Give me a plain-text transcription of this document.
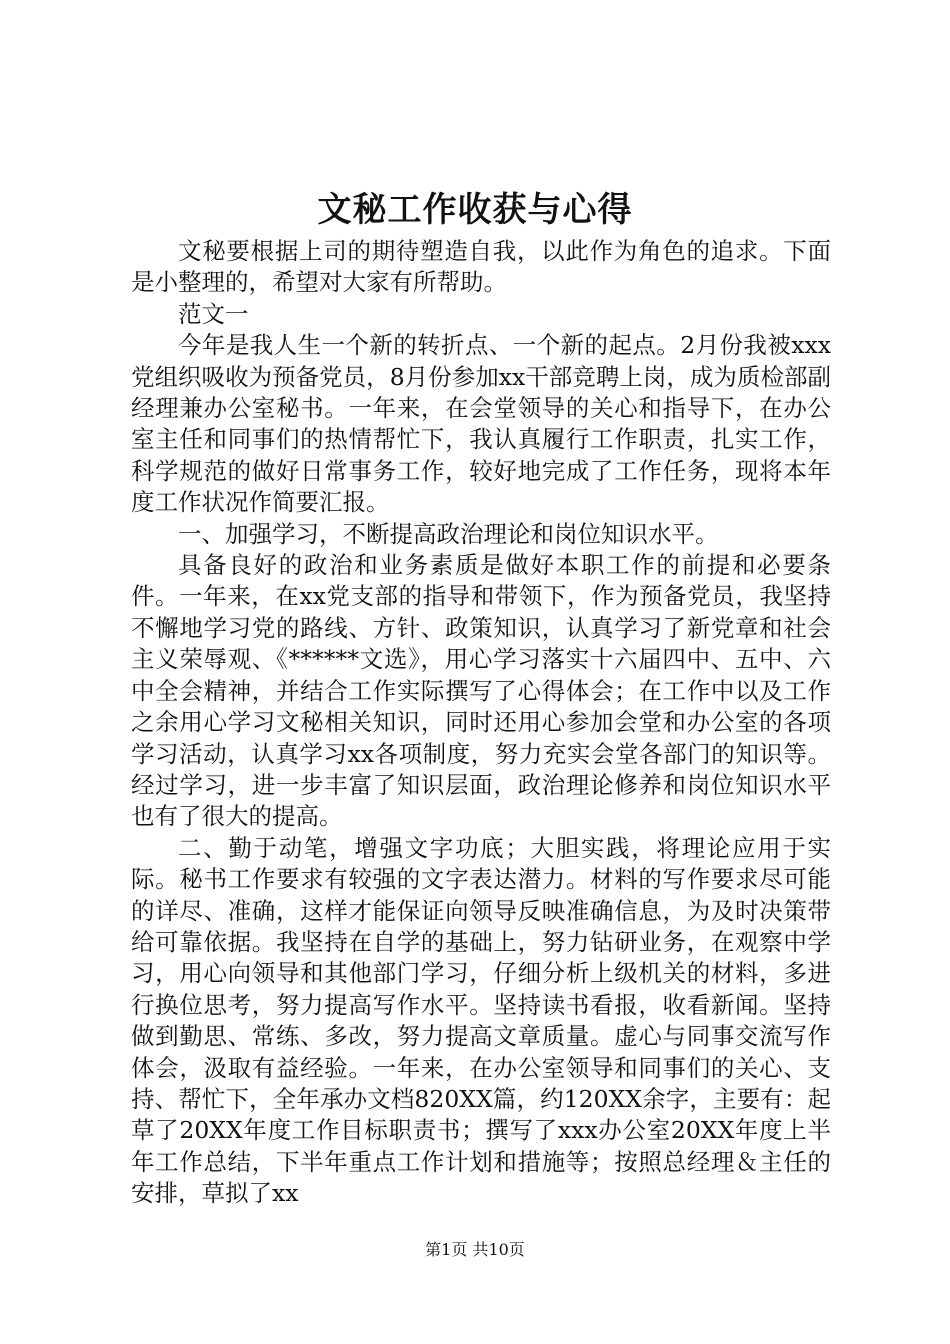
文秘工作收获与心得

文秘要根据上司的期待塑造自我，以此作为角色的追求。下面是小整理的，希望对大家有所帮助。

范文一

今年是我人生一个新的转折点、一个新的起点。2月份我被xxx党组织吸收为预备党员，8月份参加xx干部竞聘上岗，成为质检部副经理兼办公室秘书。一年来，在会堂领导的关心和指导下，在办公室主任和同事们的热情帮忙下，我认真履行工作职责，扎实工作，科学规范的做好日常事务工作，较好地完成了工作任务，现将本年度工作状况作简要汇报。

一、加强学习，不断提高政治理论和岗位知识水平。

具备良好的政治和业务素质是做好本职工作的前提和必要条件。一年来，在xx党支部的指导和带领下，作为预备党员，我坚持不懈地学习党的路线、方针、政策知识，认真学习了新党章和社会主义荣辱观、《******文选》，用心学习落实十六届四中、五中、六中全会精神，并结合工作实际撰写了心得体会；在工作中以及工作之余用心学习文秘相关知识，同时还用心参加会堂和办公室的各项学习活动，认真学习xx各项制度，努力充实会堂各部门的知识等。经过学习，进一步丰富了知识层面，政治理论修养和岗位知识水平也有了很大的提高。

二、勤于动笔，增强文字功底；大胆实践，将理论应用于实际。秘书工作要求有较强的文字表达潜力。材料的写作要求尽可能的详尽、准确，这样才能保证向领导反映准确信息，为及时决策带给可靠依据。我坚持在自学的基础上，努力钻研业务，在观察中学习，用心向领导和其他部门学习，仔细分析上级机关的材料，多进行换位思考，努力提高写作水平。坚持读书看报，收看新闻。坚持做到勤思、常练、多改，努力提高文章质量。虚心与同事交流写作体会，汲取有益经验。一年来，在办公室领导和同事们的关心、支持、帮忙下，全年承办文档820XX篇，约120XX余字，主要有：起草了20XX年度工作目标职责书；撰写了xxx办公室20XX年度上半年工作总结，下半年重点工作计划和措施等；按照总经理＆主任的安排，草拟了xx

第1页 共10页
